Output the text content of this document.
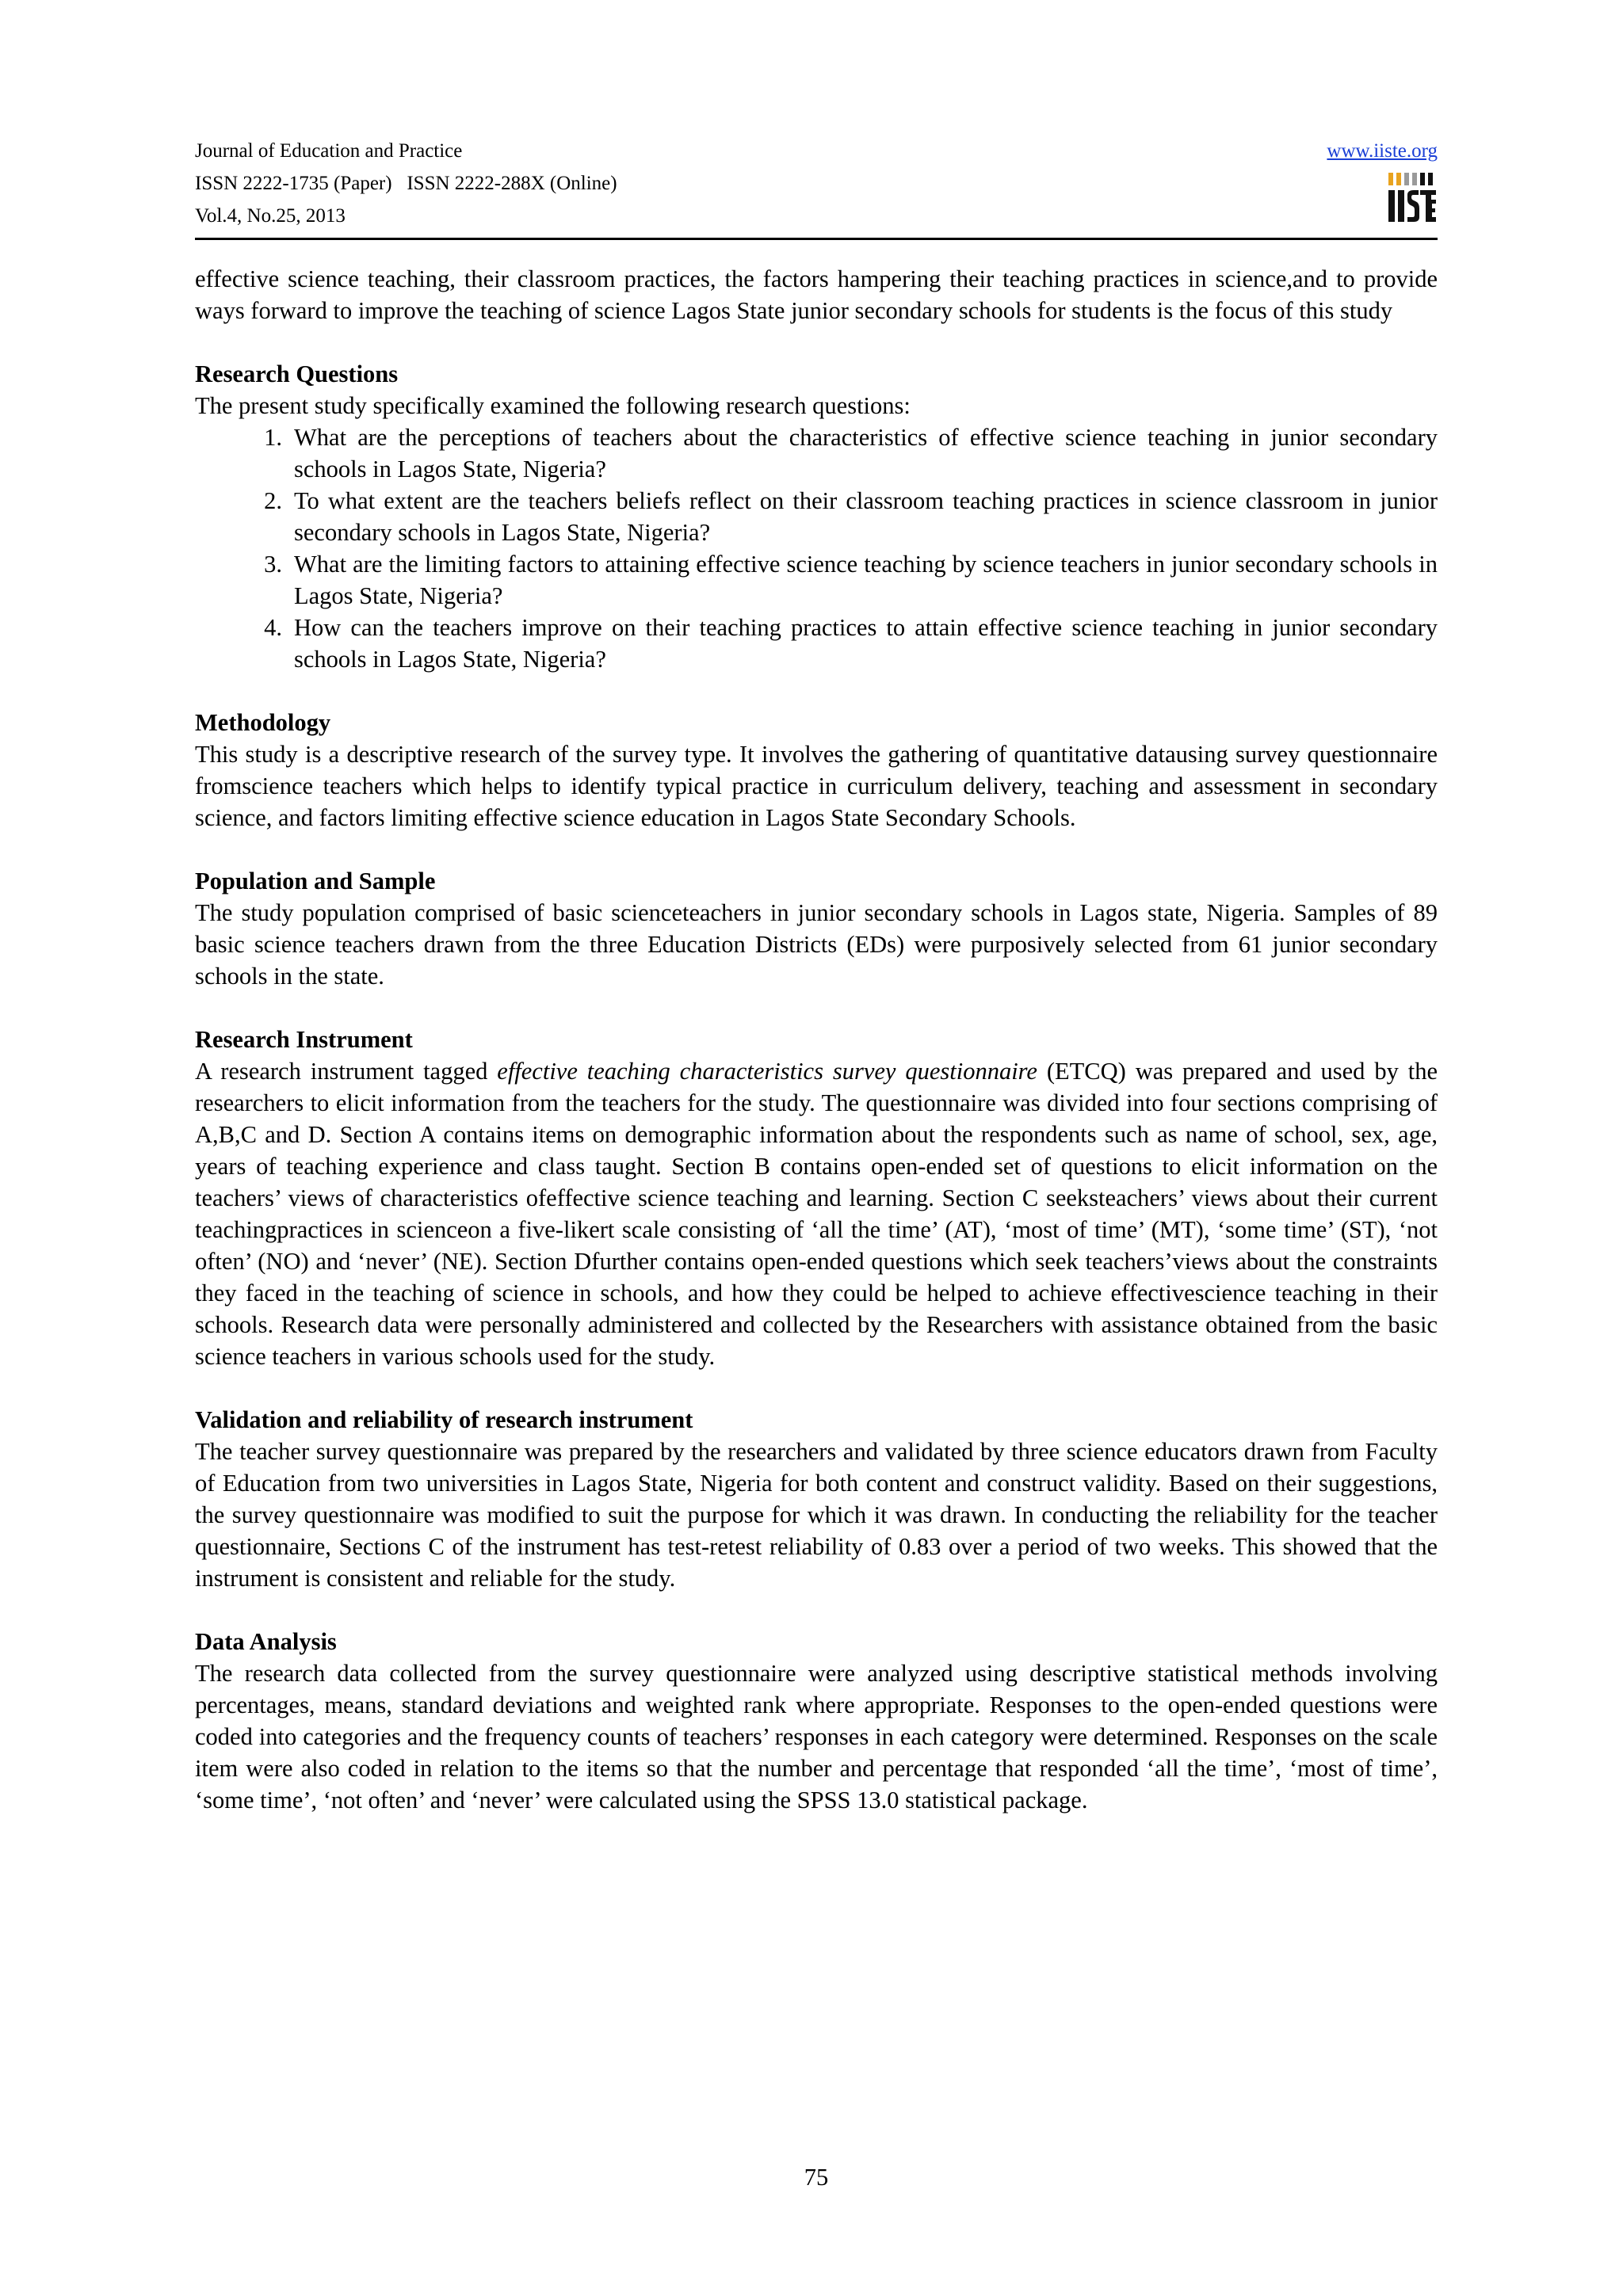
Journal of Education and Practice
ISSN 2222-1735 (Paper)   ISSN 2222-288X (Online)
Vol.4, No.25, 2013
www.iiste.org

effective science teaching, their classroom practices, the factors hampering their teaching practices in science,and to provide ways forward to improve the teaching of science Lagos State junior secondary schools for students is the focus of this study

Research Questions

The present study specifically examined the following research questions:

1. What are the perceptions of teachers about the characteristics of effective science teaching in junior secondary schools in Lagos State, Nigeria?
2. To what extent are the teachers beliefs reflect on their classroom teaching practices in science classroom in junior secondary schools in Lagos State, Nigeria?
3. What are the limiting factors to attaining effective science teaching by science teachers in junior secondary schools in Lagos State, Nigeria?
4. How can the teachers improve on their teaching practices to attain effective science teaching in junior secondary schools in Lagos State, Nigeria?
Methodology

This study is a descriptive research of the survey type. It involves the gathering of quantitative datausing survey questionnaire fromscience teachers which helps to identify typical practice in curriculum delivery, teaching and assessment in secondary science, and factors limiting effective science education in Lagos State Secondary Schools.

Population and Sample

The study population comprised of basic scienceteachers in junior secondary schools in Lagos state, Nigeria. Samples of 89 basic science teachers drawn from the three Education Districts (EDs) were purposively selected from 61 junior secondary schools in the state.

Research Instrument

A research instrument tagged effective teaching characteristics survey questionnaire (ETCQ) was prepared and used by the researchers to elicit information from the teachers for the study. The questionnaire was divided into four sections comprising of A,B,C and D. Section A contains items on demographic information about the respondents such as name of school, sex, age, years of teaching experience and class taught. Section B contains open-ended set of questions to elicit information on the teachers’ views of characteristics ofeffective science teaching and learning. Section C seeksteachers’ views about their current teachingpractices in scienceon a five-likert scale consisting of ‘all the time’ (AT), ‘most of time’ (MT), ‘some time’ (ST), ‘not often’ (NO) and ‘never’ (NE). Section Dfurther contains open-ended questions which seek teachers’views about the constraints they faced in the teaching of science in schools, and how they could be helped to achieve effectivescience teaching in their schools. Research data were personally administered and collected by the Researchers with assistance obtained from the basic science teachers in various schools used for the study.

Validation and reliability of research instrument

The teacher survey questionnaire was prepared by the researchers and validated by three science educators drawn from Faculty of Education from two universities in Lagos State, Nigeria for both content and construct validity. Based on their suggestions, the survey questionnaire was modified to suit the purpose for which it was drawn. In conducting the reliability for the teacher questionnaire, Sections C of the instrument has test-retest reliability of 0.83 over a period of two weeks. This showed that the instrument is consistent and reliable for the study.

Data Analysis

The research data collected from the survey questionnaire were analyzed using descriptive statistical methods involving percentages, means, standard deviations and weighted rank where appropriate. Responses to the open-ended questions were coded into categories and the frequency counts of teachers’ responses in each category were determined. Responses on the scale item were also coded in relation to the items so that the number and percentage that responded ‘all the time’, ‘most of time’, ‘some time’, ‘not often’ and ‘never’ were calculated using the SPSS 13.0 statistical package.

75
